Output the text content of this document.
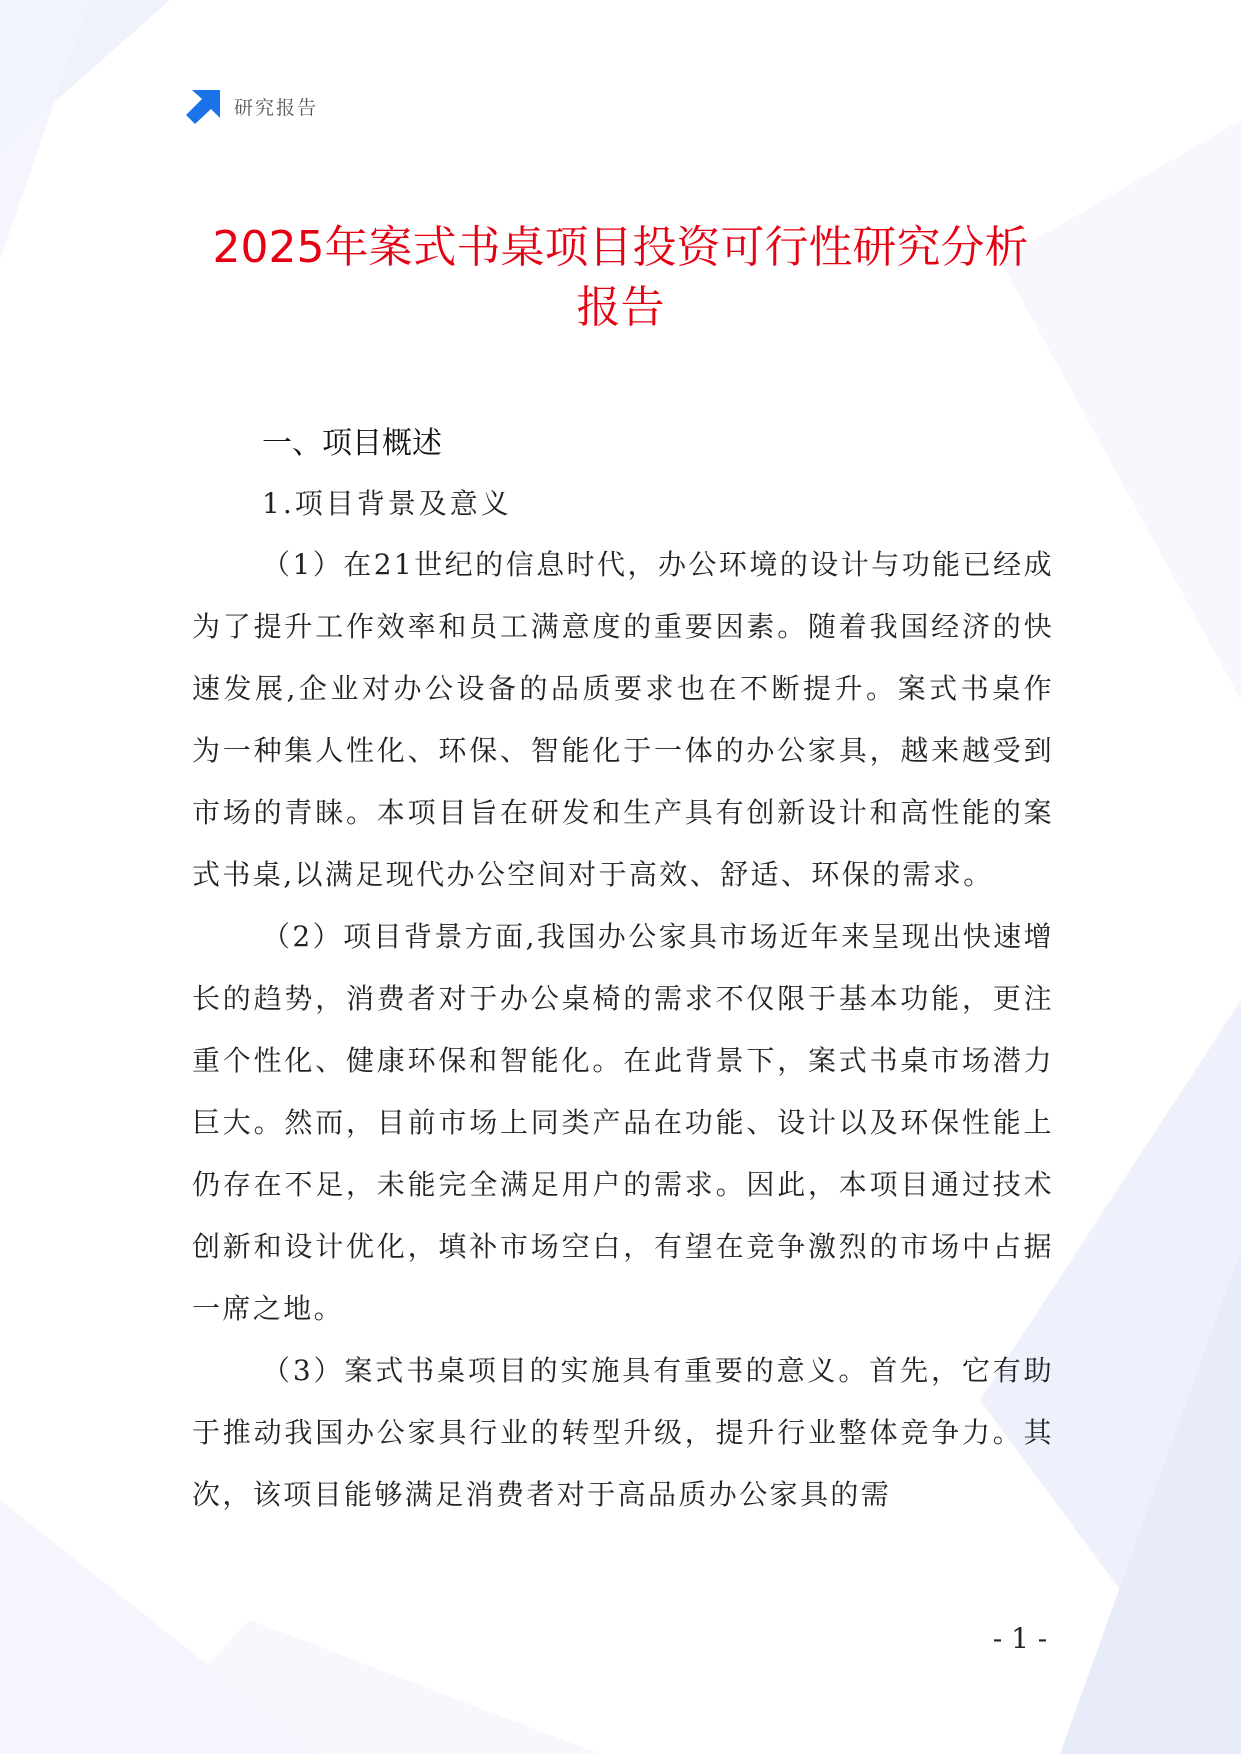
研究报告
2025年案式书桌项目投资可行性研究分析
报告
一、项目概述
1.项目背景及意义

（1）在21世纪的信息时代，办公环境的设计与功能已经成为了提升工作效率和员工满意度的重要因素。随着我国经济的快速发展,企业对办公设备的品质要求也在不断提升。案式书桌作为一种集人性化、环保、智能化于一体的办公家具，越来越受到市场的青睐。本项目旨在研发和生产具有创新设计和高性能的案式书桌,以满足现代办公空间对于高效、舒适、环保的需求。

（2）项目背景方面,我国办公家具市场近年来呈现出快速增长的趋势，消费者对于办公桌椅的需求不仅限于基本功能，更注重个性化、健康环保和智能化。在此背景下，案式书桌市场潜力巨大。然而，目前市场上同类产品在功能、设计以及环保性能上仍存在不足，未能完全满足用户的需求。因此，本项目通过技术创新和设计优化，填补市场空白，有望在竞争激烈的市场中占据一席之地。

（3）案式书桌项目的实施具有重要的意义。首先，它有助于推动我国办公家具行业的转型升级，提升行业整体竞争力。其次，该项目能够满足消费者对于高品质办公家具的需

- 1 -
